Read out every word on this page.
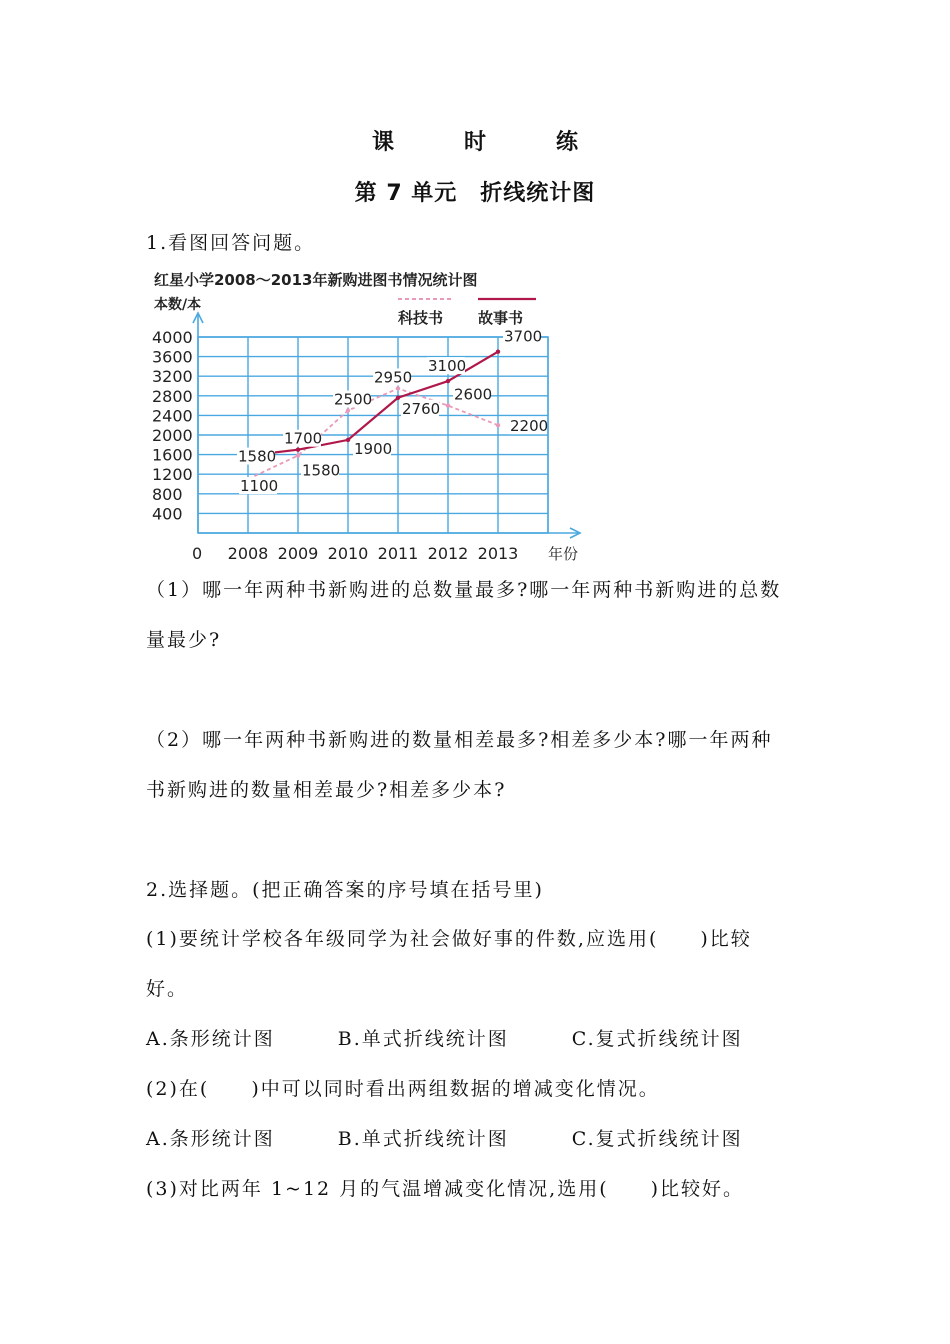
课　时　练
第 7 单元　折线统计图
1.看图回答问题。
红星小学2008～2013年新购进图书情况统计图
本数/本
400
800
1200
1600
2000
2400
2800
3200
3600
4000
0 2008 2009 2010 2011 2012 2013 年份
科技书 故事书
1100
1580
2500
2950
2600
2200
1580
1700
1900
2760
3100
3700
（1）哪一年两种书新购进的总数量最多?哪一年两种书新购进的总数
量最少?
（2）哪一年两种书新购进的数量相差最多?相差多少本?哪一年两种
书新购进的数量相差最少?相差多少本?
2.选择题。(把正确答案的序号填在括号里)
(1)要统计学校各年级同学为社会做好事的件数,应选用(　　)比较
好。
A.条形统计图　　　B.单式折线统计图　　　C.复式折线统计图
(2)在(　　)中可以同时看出两组数据的增减变化情况。
A.条形统计图　　　B.单式折线统计图　　　C.复式折线统计图
(3)对比两年 1~12 月的气温增减变化情况,选用(　　)比较好。
